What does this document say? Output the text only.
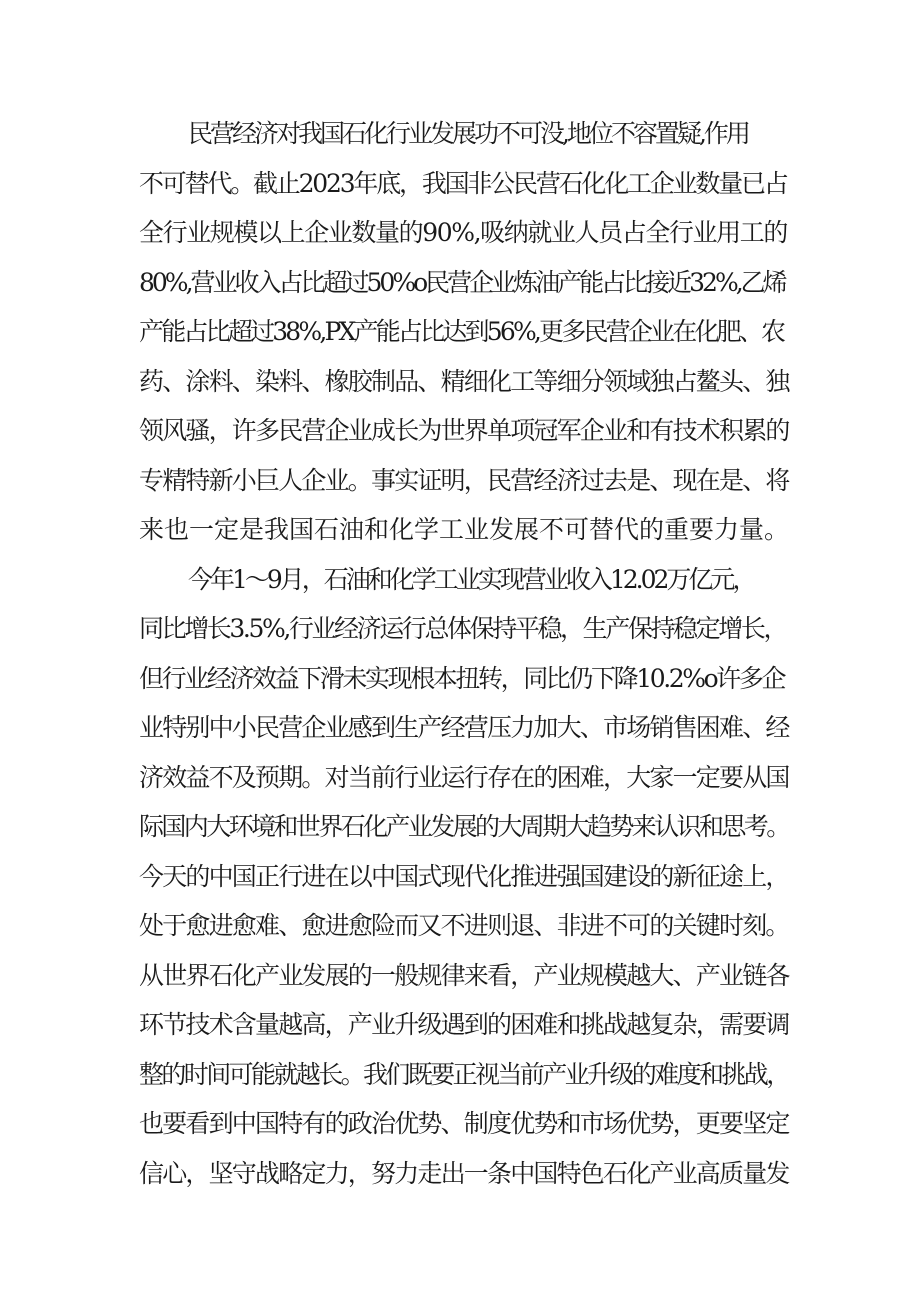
民营经济对我国石化行业发展功不可没,地位不容置疑,作用
不可替代。截止2023年底，我国非公民营石化化工企业数量已占
全行业规模以上企业数量的90%,吸纳就业人员占全行业用工的
80%,营业收入占比超过50%o民营企业炼油产能占比接近32%,乙烯
产能占比超过38%,PX产能占比达到56%,更多民营企业在化肥、农
药、涂料、染料、橡胶制品、精细化工等细分领域独占鳌头、独
领风骚，许多民营企业成长为世界单项冠军企业和有技术积累的
专精特新小巨人企业。事实证明，民营经济过去是、现在是、将
来也一定是我国石油和化学工业发展不可替代的重要力量。
今年1〜9月，石油和化学工业实现营业收入12.02万亿元，
同比增长3.5%,行业经济运行总体保持平稳，生产保持稳定增长，
但行业经济效益下滑未实现根本扭转，同比仍下降10.2%o许多企
业特别中小民营企业感到生产经营压力加大、市场销售困难、经
济效益不及预期。对当前行业运行存在的困难，大家一定要从国
际国内大环境和世界石化产业发展的大周期大趋势来认识和思考。
今天的中国正行进在以中国式现代化推进强国建设的新征途上，
处于愈进愈难、愈进愈险而又不进则退、非进不可的关键时刻。
从世界石化产业发展的一般规律来看，产业规模越大、产业链各
环节技术含量越高，产业升级遇到的困难和挑战越复杂，需要调
整的时间可能就越长。我们既要正视当前产业升级的难度和挑战，
也要看到中国特有的政治优势、制度优势和市场优势，更要坚定
信心，坚守战略定力，努力走出一条中国特色石化产业高质量发
